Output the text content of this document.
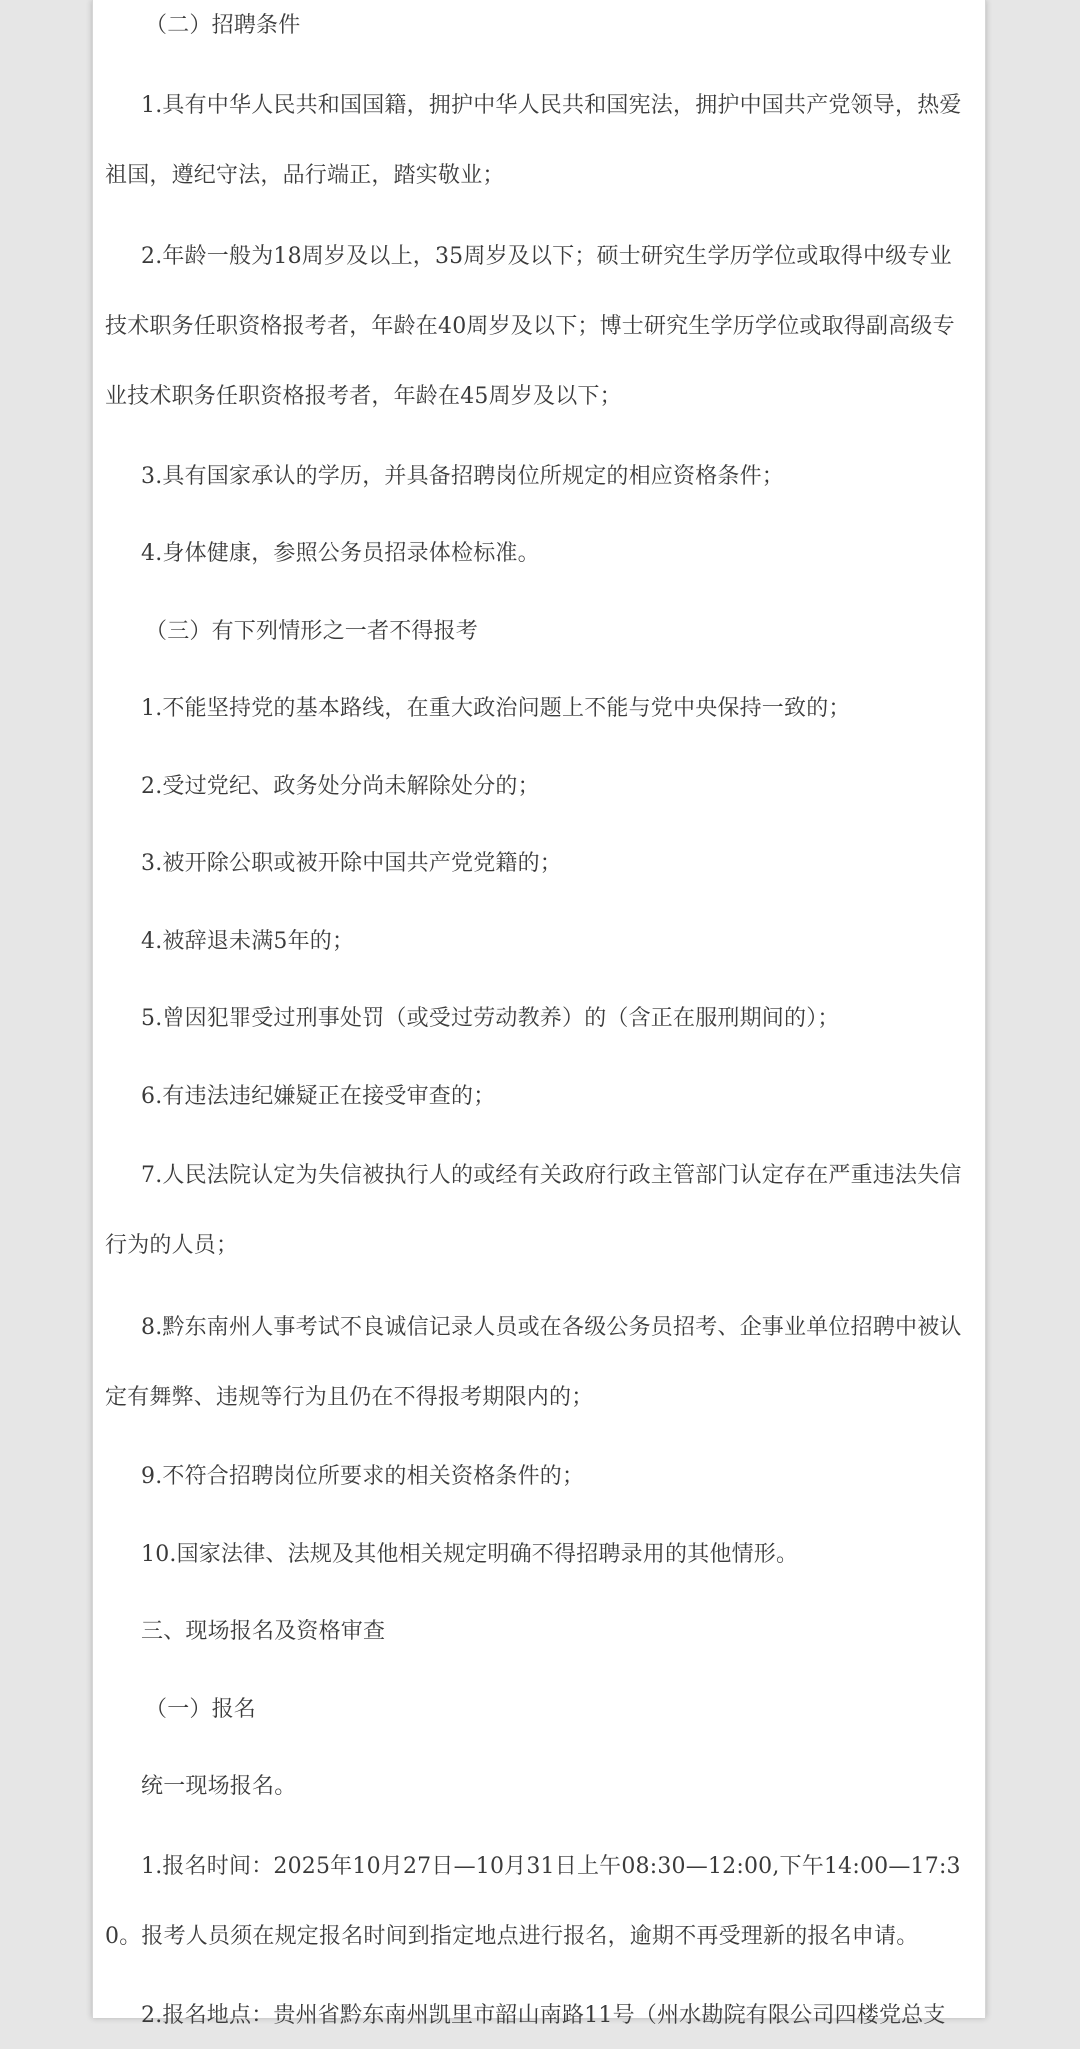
（二）招聘条件

1.具有中华人民共和国国籍，拥护中华人民共和国宪法，拥护中国共产党领导，热爱祖国，遵纪守法，品行端正，踏实敬业；

2.年龄一般为18周岁及以上，35周岁及以下；硕士研究生学历学位或取得中级专业技术职务任职资格报考者，年龄在40周岁及以下；博士研究生学历学位或取得副高级专业技术职务任职资格报考者，年龄在45周岁及以下；

3.具有国家承认的学历，并具备招聘岗位所规定的相应资格条件；

4.身体健康，参照公务员招录体检标准。

（三）有下列情形之一者不得报考

1.不能坚持党的基本路线，在重大政治问题上不能与党中央保持一致的；

2.受过党纪、政务处分尚未解除处分的；

3.被开除公职或被开除中国共产党党籍的；

4.被辞退未满5年的；

5.曾因犯罪受过刑事处罚（或受过劳动教养）的（含正在服刑期间的）；

6.有违法违纪嫌疑正在接受审查的；

7.人民法院认定为失信被执行人的或经有关政府行政主管部门认定存在严重违法失信行为的人员；

8.黔东南州人事考试不良诚信记录人员或在各级公务员招考、企事业单位招聘中被认定有舞弊、违规等行为且仍在不得报考期限内的；

9.不符合招聘岗位所要求的相关资格条件的；

10.国家法律、法规及其他相关规定明确不得招聘录用的其他情形。

三、现场报名及资格审查

（一）报名

统一现场报名。

1.报名时间：2025年10月27日—10月31日上午08:30—12:00,下午14:00—17:30。报考人员须在规定报名时间到指定地点进行报名，逾期不再受理新的报名申请。

2.报名地点：贵州省黔东南州凯里市韶山南路11号（州水勘院有限公司四楼党总支
